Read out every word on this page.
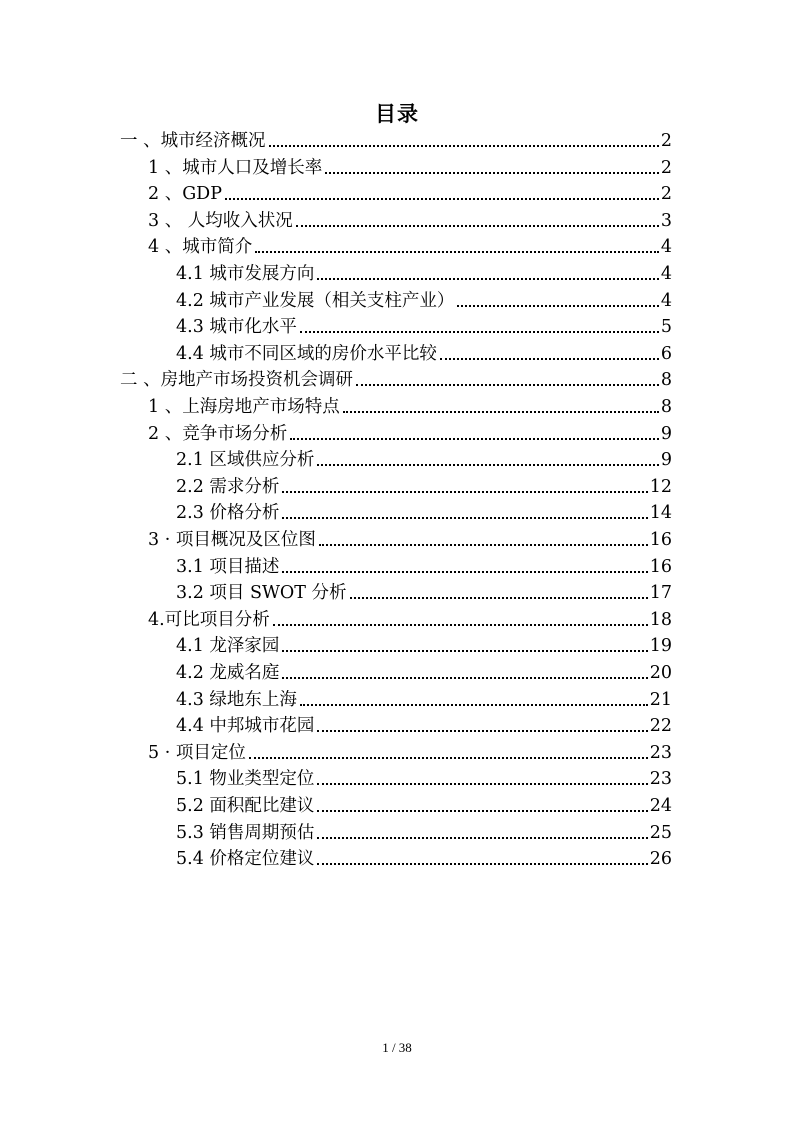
目录
一 、城市经济概况	2
1 、城市人口及增长率	2
2 、GDP	2
3 、 人均收入状况	3
4 、城市简介	4
4.1 城市发展方向	4
4.2 城市产业发展（相关支柱产业）	4
4.3 城市化水平	5
4.4 城市不同区域的房价水平比较	6
二 、房地产市场投资机会调研	8
1 、上海房地产市场特点	8
2 、竞争市场分析	9
2.1 区域供应分析	9
2.2 需求分析	12
2.3 价格分析	14
3 · 项目概况及区位图	16
3.1 项目描述	16
3.2 项目 SWOT 分析	17
4.可比项目分析	18
4.1 龙泽家园	19
4.2 龙威名庭	20
4.3 绿地东上海	21
4.4 中邦城市花园	22
5 · 项目定位	23
5.1 物业类型定位	23
5.2 面积配比建议	24
5.3 销售周期预估	25
5.4 价格定位建议	26
1 / 38
